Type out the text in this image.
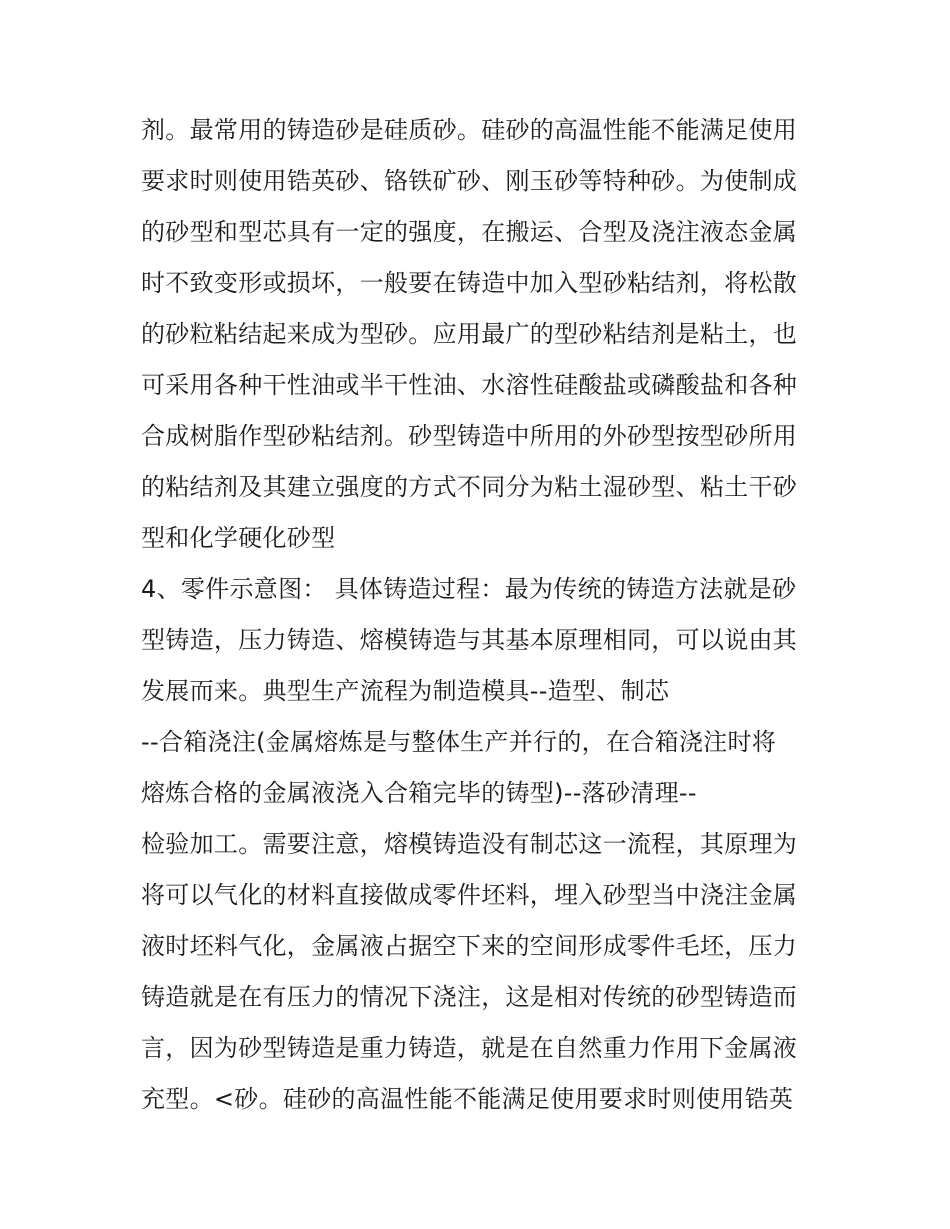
剂。最常用的铸造砂是硅质砂。硅砂的高温性能不能满足使用
要求时则使用锆英砂、铬铁矿砂、刚玉砂等特种砂。为使制成
的砂型和型芯具有一定的强度，在搬运、合型及浇注液态金属
时不致变形或损坏，一般要在铸造中加入型砂粘结剂，将松散
的砂粒粘结起来成为型砂。应用最广的型砂粘结剂是粘土，也
可采用各种干性油或半干性油、水溶性硅酸盐或磷酸盐和各种
合成树脂作型砂粘结剂。砂型铸造中所用的外砂型按型砂所用
的粘结剂及其建立强度的方式不同分为粘土湿砂型、粘土干砂
型和化学硬化砂型
4、零件示意图： 具体铸造过程：最为传统的铸造方法就是砂
型铸造，压力铸造、熔模铸造与其基本原理相同，可以说由其
发展而来。典型生产流程为制造模具--造型、制芯
--合箱浇注(金属熔炼是与整体生产并行的，在合箱浇注时将
熔炼合格的金属液浇入合箱完毕的铸型)--落砂清理--
检验加工。需要注意，熔模铸造没有制芯这一流程，其原理为
将可以气化的材料直接做成零件坯料，埋入砂型当中浇注金属
液时坯料气化，金属液占据空下来的空间形成零件毛坯，压力
铸造就是在有压力的情况下浇注，这是相对传统的砂型铸造而
言，因为砂型铸造是重力铸造，就是在自然重力作用下金属液
充型。<砂。硅砂的高温性能不能满足使用要求时则使用锆英
